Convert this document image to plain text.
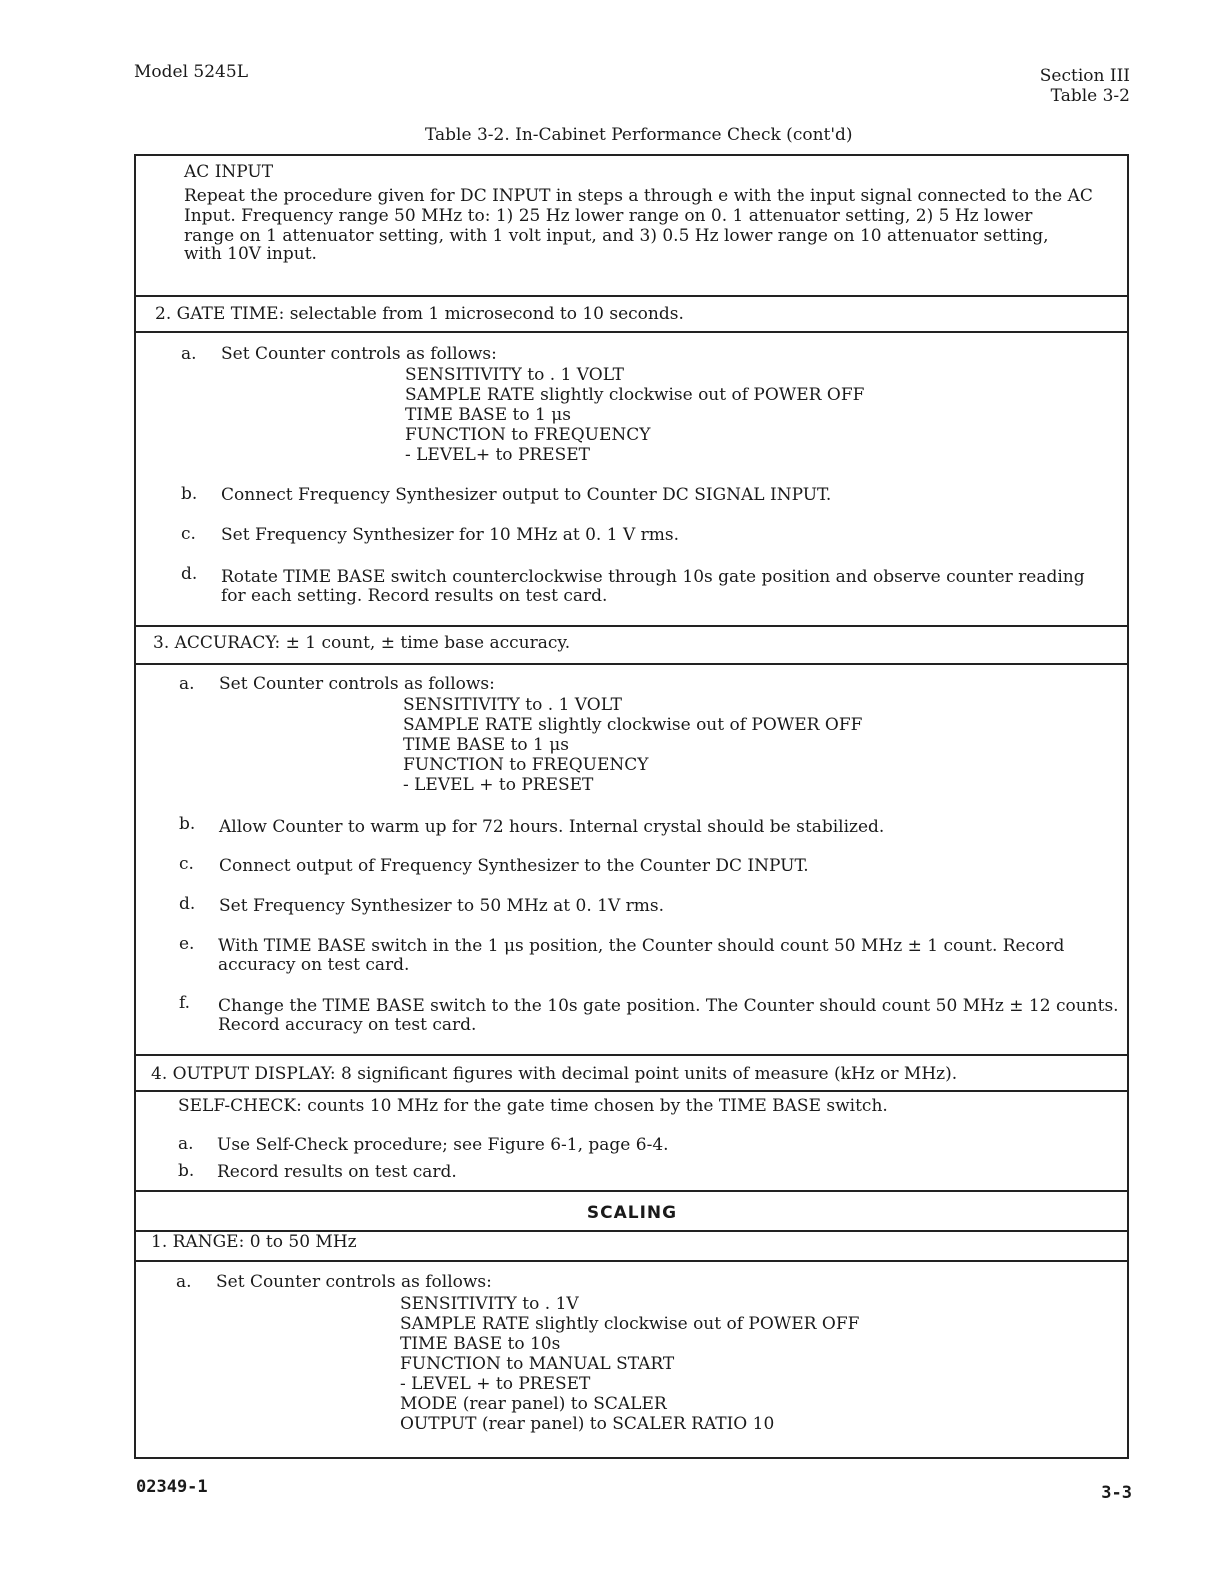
Model 5245L	Section III
Table 3-2
Table 3-2. In-Cabinet Performance Check (cont'd)
AC INPUT
Repeat the procedure given for DC INPUT in steps a through e with the input signal connected to the AC
Input. Frequency range 50 MHz to: 1) 25 Hz lower range on 0. 1 attenuator setting, 2) 5 Hz lower
range on 1 attenuator setting, with 1 volt input, and 3) 0.5 Hz lower range on 10 attenuator setting,
with 10V input.
2. GATE TIME: selectable from 1 microsecond to 10 seconds.
a. Set Counter controls as follows:
SENSITIVITY to . 1 VOLT
SAMPLE RATE slightly clockwise out of POWER OFF
TIME BASE to 1 μs
FUNCTION to FREQUENCY
- LEVEL+ to PRESET
b. Connect Frequency Synthesizer output to Counter DC SIGNAL INPUT.
c. Set Frequency Synthesizer for 10 MHz at 0. 1 V rms.
d. Rotate TIME BASE switch counterclockwise through 10s gate position and observe counter reading
for each setting. Record results on test card.
3. ACCURACY: ± 1 count, ± time base accuracy.
a. Set Counter controls as follows:
SENSITIVITY to . 1 VOLT
SAMPLE RATE slightly clockwise out of POWER OFF
TIME BASE to 1 μs
FUNCTION to FREQUENCY
- LEVEL + to PRESET
b. Allow Counter to warm up for 72 hours. Internal crystal should be stabilized.
c. Connect output of Frequency Synthesizer to the Counter DC INPUT.
d. Set Frequency Synthesizer to 50 MHz at 0. 1V rms.
e. With TIME BASE switch in the 1 μs position, the Counter should count 50 MHz ± 1 count. Record
accuracy on test card.
f. Change the TIME BASE switch to the 10s gate position. The Counter should count 50 MHz ± 12 counts.
Record accuracy on test card.
4. OUTPUT DISPLAY: 8 significant figures with decimal point units of measure (kHz or MHz).
SELF-CHECK: counts 10 MHz for the gate time chosen by the TIME BASE switch.
a. Use Self-Check procedure; see Figure 6-1, page 6-4.
b. Record results on test card.
SCALING
1. RANGE: 0 to 50 MHz
a. Set Counter controls as follows:
SENSITIVITY to . 1V
SAMPLE RATE slightly clockwise out of POWER OFF
TIME BASE to 10s
FUNCTION to MANUAL START
- LEVEL + to PRESET
MODE (rear panel) to SCALER
OUTPUT (rear panel) to SCALER RATIO 10
02349-1	3-3
